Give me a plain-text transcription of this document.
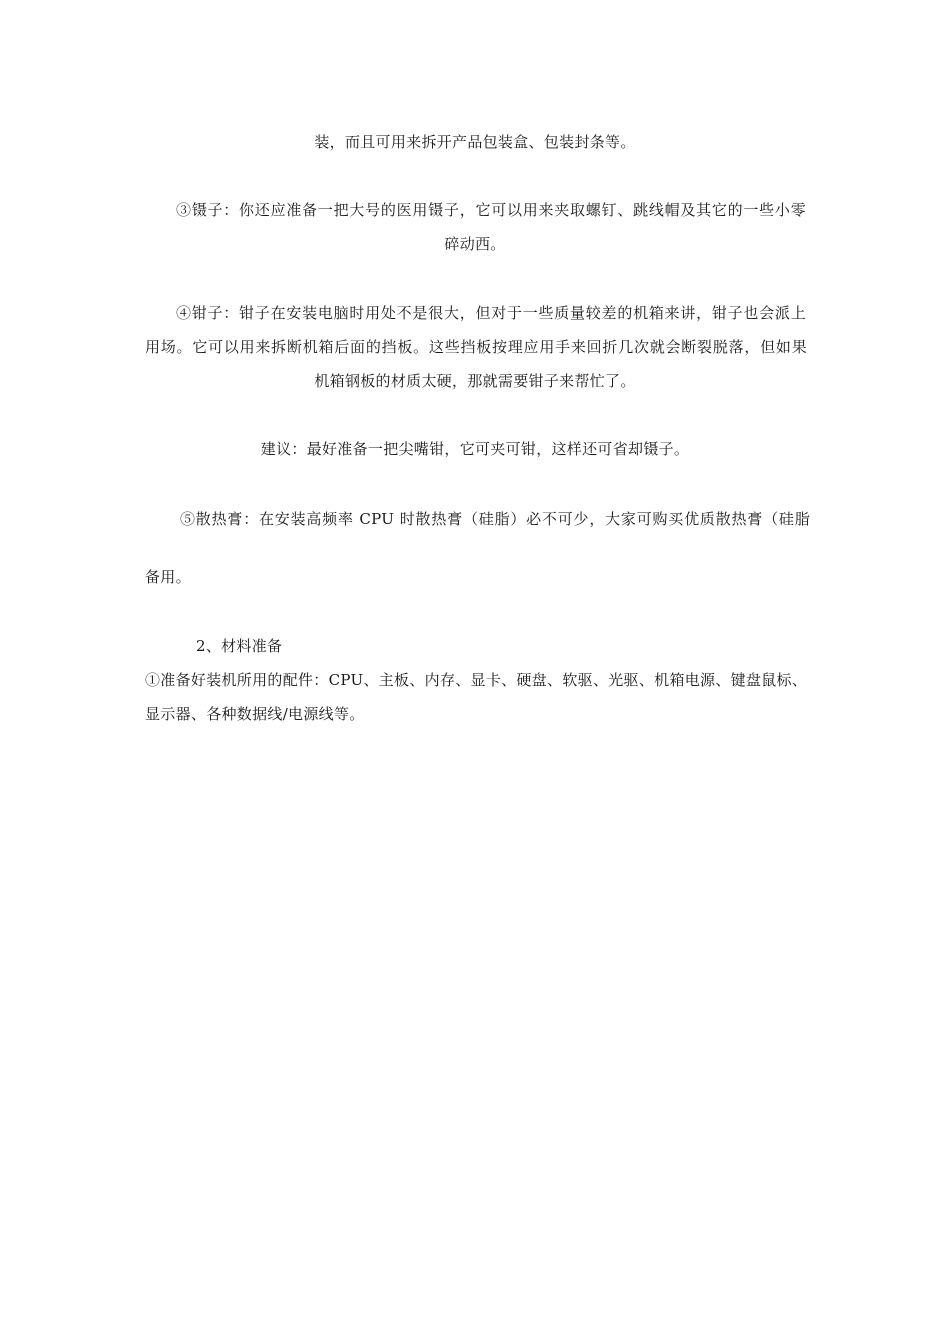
装，而且可用来拆开产品包装盒、包装封条等。
③镊子：你还应准备一把大号的医用镊子，它可以用来夹取螺钉、跳线帽及其它的一些小零
碎动西。
④钳子：钳子在安装电脑时用处不是很大，但对于一些质量较差的机箱来讲，钳子也会派上
用场。它可以用来拆断机箱后面的挡板。这些挡板按理应用手来回折几次就会断裂脱落，但如果
机箱钢板的材质太硬，那就需要钳子来帮忙了。
建议：最好准备一把尖嘴钳，它可夹可钳，这样还可省却镊子。
⑤散热膏：在安装高频率 CPU 时散热膏（硅脂）必不可少，大家可购买优质散热膏（硅脂
备用。
2、材料准备
①准备好装机所用的配件：CPU、主板、内存、显卡、硬盘、软驱、光驱、机箱电源、键盘鼠标、
显示器、各种数据线/电源线等。
